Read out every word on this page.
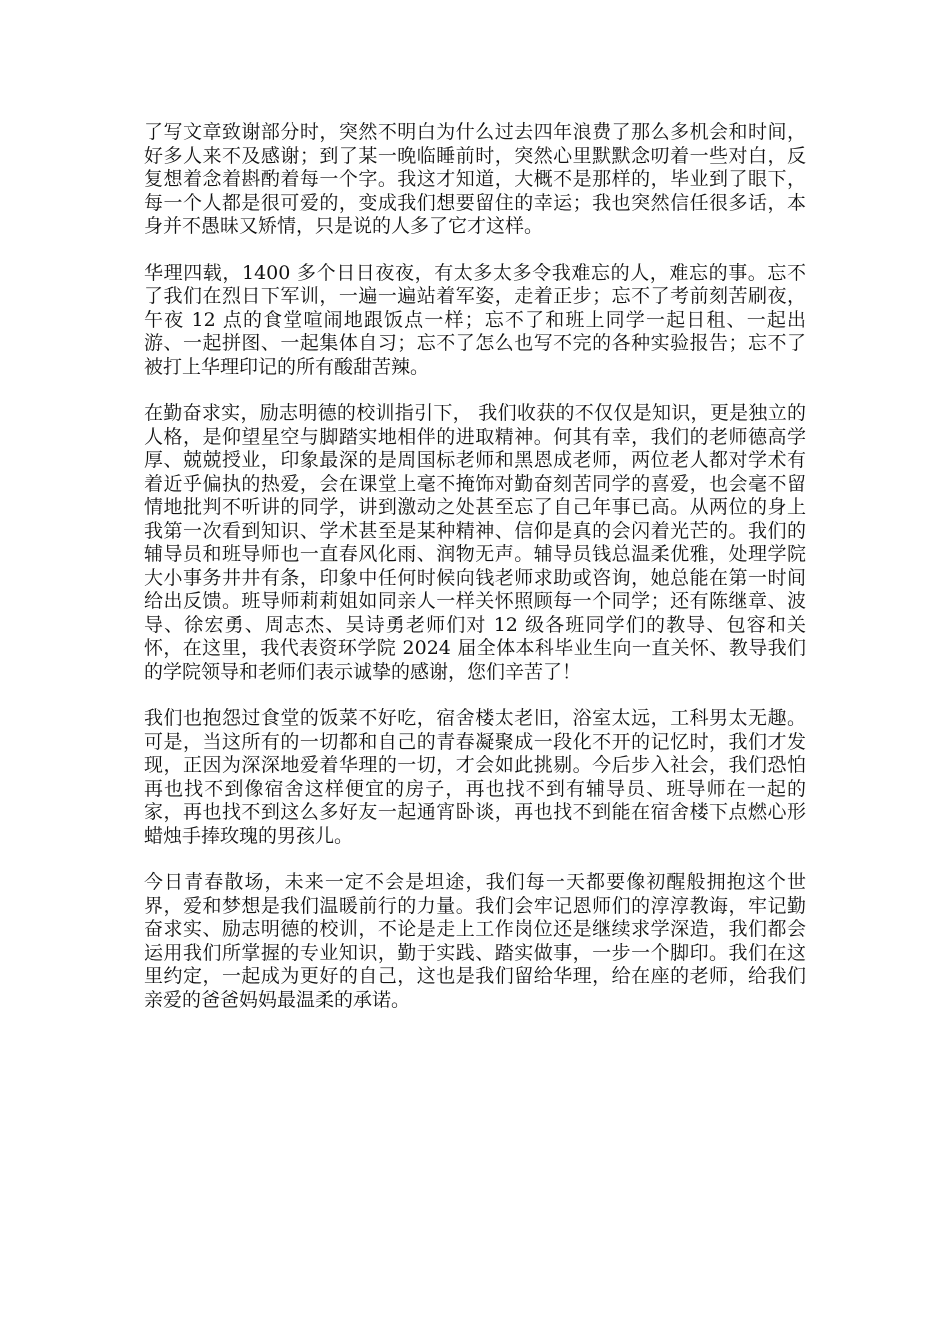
了写文章致谢部分时，突然不明白为什么过去四年浪费了那么多机会和时间，好多人来不及感谢；到了某一晚临睡前时，突然心里默默念叨着一些对白，反复想着念着斟酌着每一个字。我这才知道，大概不是那样的，毕业到了眼下，每一个人都是很可爱的，变成我们想要留住的幸运；我也突然信任很多话，本身并不愚昧又矫情，只是说的人多了它才这样。

华理四载，1400 多个日日夜夜，有太多太多令我难忘的人，难忘的事。忘不了我们在烈日下军训，一遍一遍站着军姿，走着正步；忘不了考前刻苦刷夜，午夜 12 点的食堂喧闹地跟饭点一样；忘不了和班上同学一起日租、一起出游、一起拼图、一起集体自习；忘不了怎么也写不完的各种实验报告；忘不了被打上华理印记的所有酸甜苦辣。

在勤奋求实，励志明德的校训指引下， 我们收获的不仅仅是知识，更是独立的人格，是仰望星空与脚踏实地相伴的进取精神。何其有幸，我们的老师德高学厚、兢兢授业，印象最深的是周国标老师和黑恩成老师，两位老人都对学术有着近乎偏执的热爱，会在课堂上毫不掩饰对勤奋刻苦同学的喜爱，也会毫不留情地批判不听讲的同学，讲到激动之处甚至忘了自己年事已高。从两位的身上我第一次看到知识、学术甚至是某种精神、信仰是真的会闪着光芒的。我们的辅导员和班导师也一直春风化雨、润物无声。辅导员钱总温柔优雅，处理学院大小事务井井有条，印象中任何时候向钱老师求助或咨询，她总能在第一时间给出反馈。班导师莉莉姐如同亲人一样关怀照顾每一个同学；还有陈继章、波导、徐宏勇、周志杰、吴诗勇老师们对 12 级各班同学们的教导、包容和关怀，在这里，我代表资环学院 2024 届全体本科毕业生向一直关怀、教导我们的学院领导和老师们表示诚挚的感谢，您们辛苦了！

我们也抱怨过食堂的饭菜不好吃，宿舍楼太老旧，浴室太远，工科男太无趣。可是，当这所有的一切都和自己的青春凝聚成一段化不开的记忆时，我们才发现，正因为深深地爱着华理的一切，才会如此挑剔。今后步入社会，我们恐怕再也找不到像宿舍这样便宜的房子，再也找不到有辅导员、班导师在一起的家，再也找不到这么多好友一起通宵卧谈，再也找不到能在宿舍楼下点燃心形蜡烛手捧玫瑰的男孩儿。

今日青春散场，未来一定不会是坦途，我们每一天都要像初醒般拥抱这个世界，爱和梦想是我们温暖前行的力量。我们会牢记恩师们的淳淳教诲，牢记勤奋求实、励志明德的校训，不论是走上工作岗位还是继续求学深造，我们都会运用我们所掌握的专业知识，勤于实践、踏实做事，一步一个脚印。我们在这里约定，一起成为更好的自己，这也是我们留给华理，给在座的老师，给我们亲爱的爸爸妈妈最温柔的承诺。
